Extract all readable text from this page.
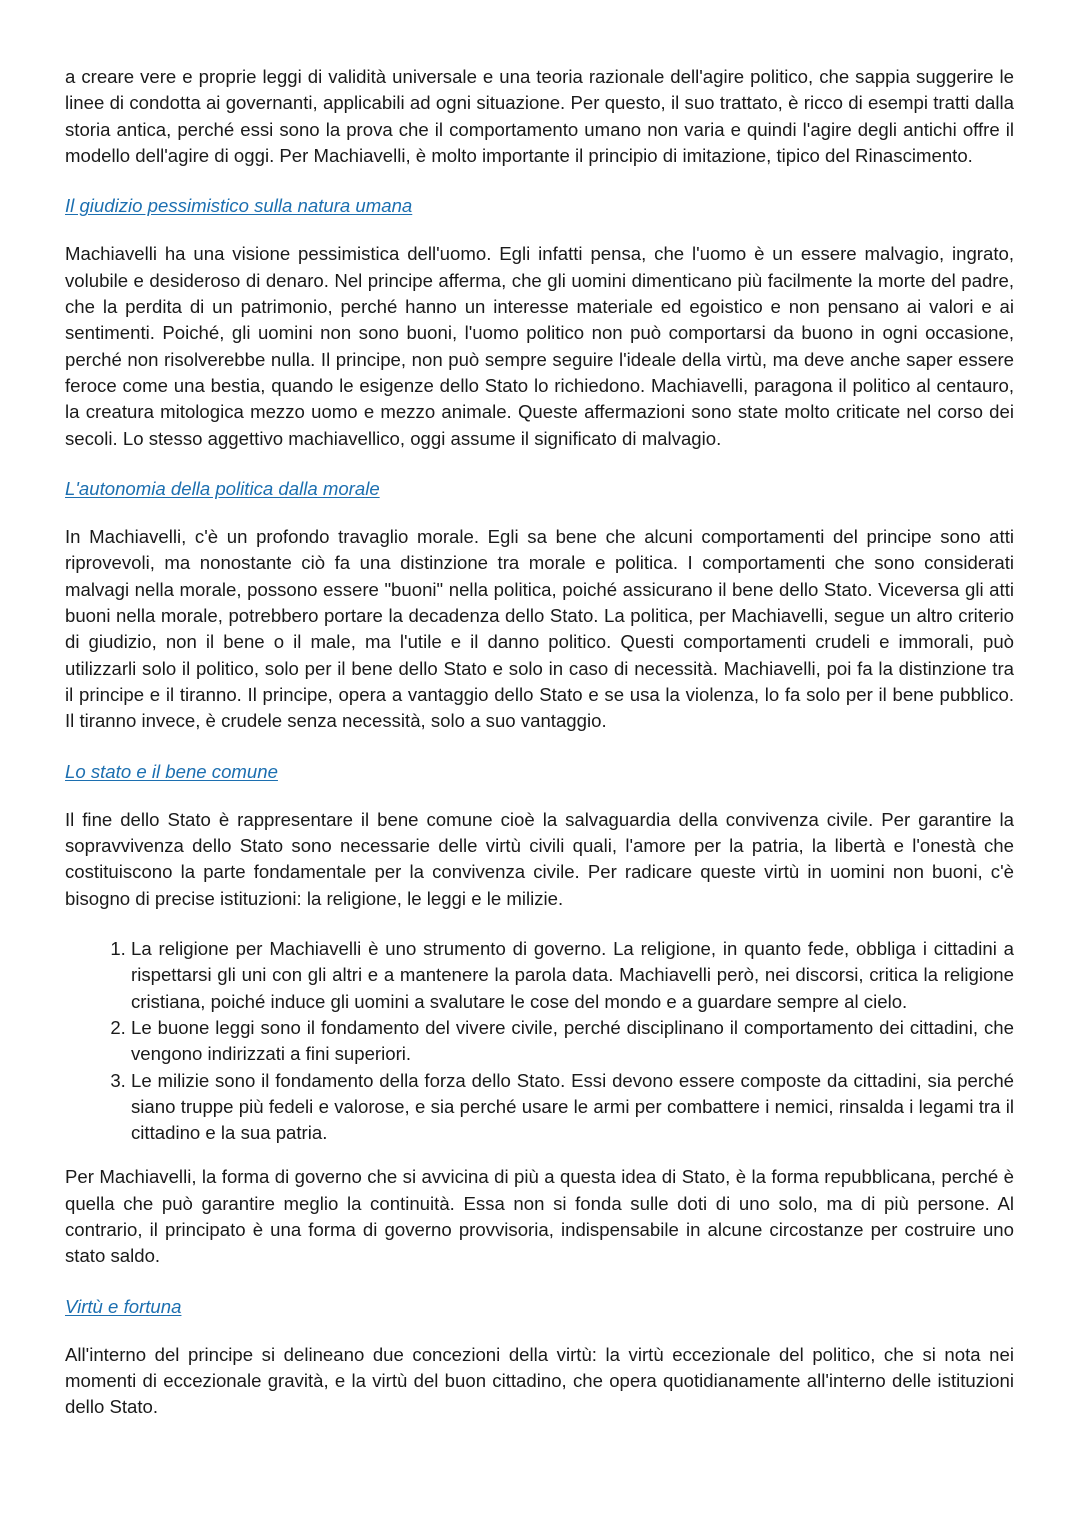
a creare vere e proprie leggi di validità universale e una teoria razionale dell'agire politico, che sappia suggerire le linee di condotta ai governanti, applicabili ad ogni situazione. Per questo, il suo trattato, è ricco di esempi tratti dalla storia antica, perché essi sono la prova che il comportamento umano non varia e quindi l'agire degli antichi offre il modello dell'agire di oggi. Per Machiavelli, è molto importante il principio di imitazione, tipico del Rinascimento.

Il giudizio pessimistico sulla natura umana

Machiavelli ha una visione pessimistica dell'uomo. Egli infatti pensa, che l'uomo è un essere malvagio, ingrato, volubile e desideroso di denaro. Nel principe afferma, che gli uomini dimenticano più facilmente la morte del padre, che la perdita di un patrimonio, perché hanno un interesse materiale ed egoistico e non pensano ai valori e ai sentimenti. Poiché, gli uomini non sono buoni, l'uomo politico non può comportarsi da buono in ogni occasione, perché non risolverebbe nulla. Il principe, non può sempre seguire l'ideale della virtù, ma deve anche saper essere feroce come una bestia, quando le esigenze dello Stato lo richiedono. Machiavelli, paragona il politico al centauro, la creatura mitologica mezzo uomo e mezzo animale. Queste affermazioni sono state molto criticate nel corso dei secoli. Lo stesso aggettivo machiavellico, oggi assume il significato di malvagio.

L'autonomia della politica dalla morale

In Machiavelli, c'è un profondo travaglio morale. Egli sa bene che alcuni comportamenti del principe sono atti riprovevoli, ma nonostante ciò fa una distinzione tra morale e politica. I comportamenti che sono considerati malvagi nella morale, possono essere "buoni" nella politica, poiché assicurano il bene dello Stato. Viceversa gli atti buoni nella morale, potrebbero portare la decadenza dello Stato. La politica, per Machiavelli, segue un altro criterio di giudizio, non il bene o il male, ma l'utile e il danno politico. Questi comportamenti crudeli e immorali, può utilizzarli solo il politico, solo per il bene dello Stato e solo in caso di necessità. Machiavelli, poi fa la distinzione tra il principe e il tiranno. Il principe, opera a vantaggio dello Stato e se usa la violenza, lo fa solo per il bene pubblico. Il tiranno invece, è crudele senza necessità, solo a suo vantaggio.

Lo stato e il bene comune

Il fine dello Stato è rappresentare il bene comune cioè la salvaguardia della convivenza civile. Per garantire la sopravvivenza dello Stato sono necessarie delle virtù civili quali, l'amore per la patria, la libertà e l'onestà che costituiscono la parte fondamentale per la convivenza civile. Per radicare queste virtù in uomini non buoni, c'è bisogno di precise istituzioni: la religione, le leggi e le milizie.

1. La religione per Machiavelli è uno strumento di governo. La religione, in quanto fede, obbliga i cittadini a rispettarsi gli uni con gli altri e a mantenere la parola data. Machiavelli però, nei discorsi, critica la religione cristiana, poiché induce gli uomini a svalutare le cose del mondo e a guardare sempre al cielo.
2. Le buone leggi sono il fondamento del vivere civile, perché disciplinano il comportamento dei cittadini, che vengono indirizzati a fini superiori.
3. Le milizie sono il fondamento della forza dello Stato. Essi devono essere composte da cittadini, sia perché siano truppe più fedeli e valorose, e sia perché usare le armi per combattere i nemici, rinsalda i legami tra il cittadino e la sua patria.

Per Machiavelli, la forma di governo che si avvicina di più a questa idea di Stato, è la forma repubblicana, perché è quella che può garantire meglio la continuità. Essa non si fonda sulle doti di uno solo, ma di più persone. Al contrario, il principato è una forma di governo provvisoria, indispensabile in alcune circostanze per costruire uno stato saldo.

Virtù e fortuna

All'interno del principe si delineano due concezioni della virtù: la virtù eccezionale del politico, che si nota nei momenti di eccezionale gravità, e la virtù del buon cittadino, che opera quotidianamente all'interno delle istituzioni dello Stato.
